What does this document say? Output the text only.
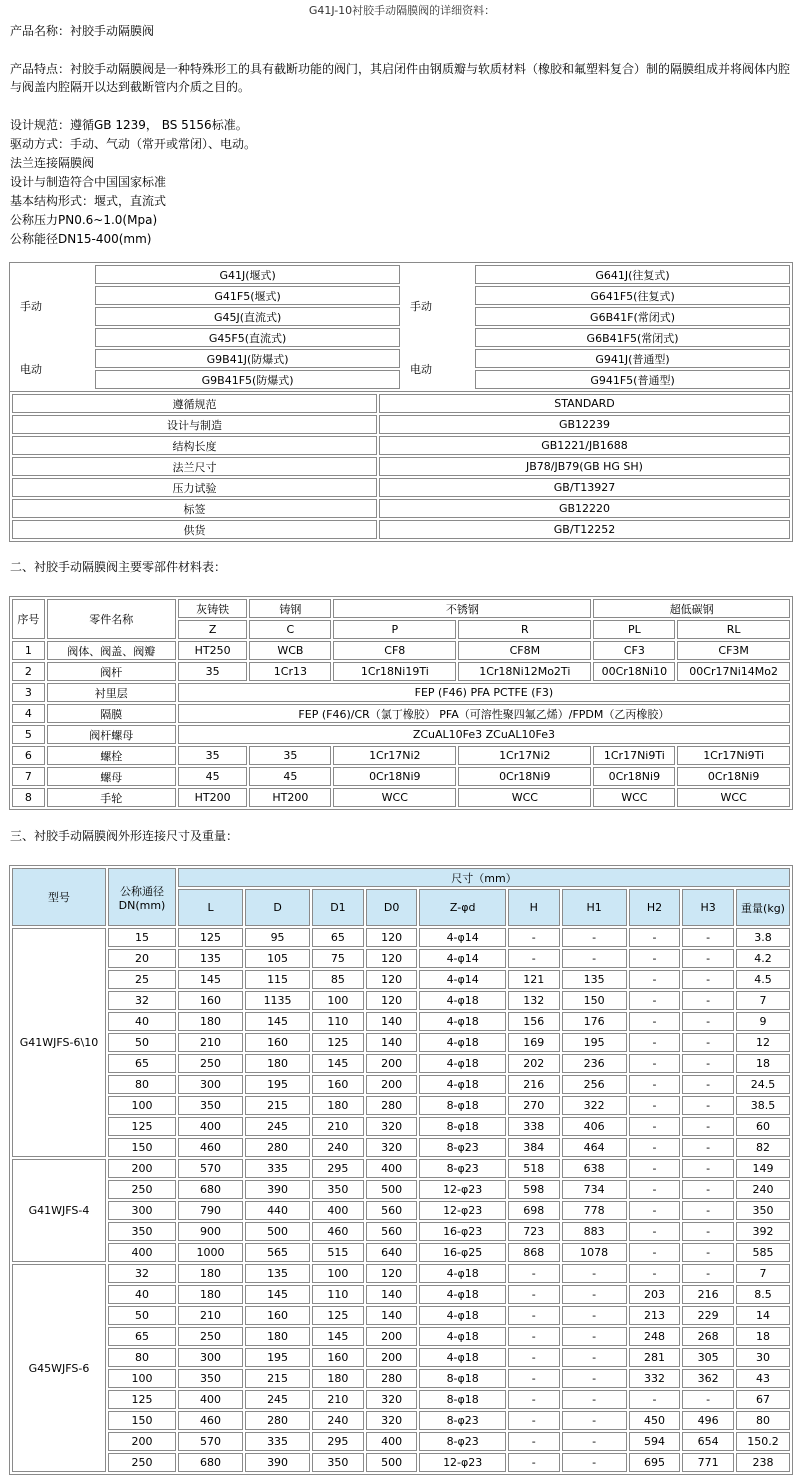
G41J-10衬胶手动隔膜阀的详细资料：
产品名称：衬胶手动隔膜阀
产品特点：衬胶手动隔膜阀是一种特殊形工的具有截断功能的阀门，其启闭件由钢质瓣与软质材料（橡胶和氟塑料复合）制的隔膜组成并将阀体内腔与阀盖内腔隔开以达到截断管内介质之目的。
设计规范：遵循GB 1239， BS 5156标准。
驱动方式：手动、气动（常开或常闭）、电动。
法兰连接隔膜阀
设计与制造符合中国国家标准
基本结构形式：堰式，直流式
公称压力PN0.6~1.0(Mpa)
公称能径DN15-400(mm)
手动	G41J(堰式)	手动	G641J(往复式)
	G41F5(堰式)		G641F5(往复式)
	G45J(直流式)		G6B41F(常闭式)
	G45F5(直流式)		G6B41F5(常闭式)
电动	G9B41J(防爆式)	电动	G941J(普通型)
	G9B41F5(防爆式)		G941F5(普通型)
遵循规范	STANDARD
设计与制造	GB12239
结构长度	GB1221/JB1688
法兰尺寸	JB78/JB79(GB HG SH)
压力试验	GB/T13927
标签	GB12220
供货	GB/T12252
二、衬胶手动隔膜阀主要零部件材料表：
序号	零件名称	灰铸铁	铸钢	不锈钢		超低碳钢	
		Z	C	P	R	PL	RL
1	阀体、阀盖、阀瓣	HT250	WCB	CF8	CF8M	CF3	CF3M
2	阀杆	35	1Cr13	1Cr18Ni19Ti	1Cr18Ni12Mo2Ti	00Cr18Ni10	00Cr17Ni14Mo2
3	衬里层	FEP (F46) PFA PCTFE (F3)					
4	隔膜	FEP (F46)/CR（氯丁橡胶） PFA（可溶性聚四氟乙烯）/FPDM（乙丙橡胶）					
5	阀杆螺母	ZCuAL10Fe3 ZCuAL10Fe3					
6	螺栓	35	35	1Cr17Ni2	1Cr17Ni2	1Cr17Ni9Ti	1Cr17Ni9Ti
7	螺母	45	45	0Cr18Ni9	0Cr18Ni9	0Cr18Ni9	0Cr18Ni9
8	手轮	HT200	HT200	WCC	WCC	WCC	WCC
三、衬胶手动隔膜阀外形连接尺寸及重量：
型号	公称通径DN(mm)	尺寸（mm）									
		L	D	D1	D0	Z-φd	H	H1	H2	H3	重量(kg)
G41WJFS-6\10	15	125	95	65	120	4-φ14	-	-	-	-	3.8
	20	135	105	75	120	4-φ14	-	-	-	-	4.2
	25	145	115	85	120	4-φ14	121	135	-	-	4.5
	32	160	1135	100	120	4-φ18	132	150	-	-	7
	40	180	145	110	140	4-φ18	156	176	-	-	9
	50	210	160	125	140	4-φ18	169	195	-	-	12
	65	250	180	145	200	4-φ18	202	236	-	-	18
	80	300	195	160	200	4-φ18	216	256	-	-	24.5
	100	350	215	180	280	8-φ18	270	322	-	-	38.5
	125	400	245	210	320	8-φ18	338	406	-	-	60
	150	460	280	240	320	8-φ23	384	464	-	-	82
G41WJFS-4	200	570	335	295	400	8-φ23	518	638	-	-	149
	250	680	390	350	500	12-φ23	598	734	-	-	240
	300	790	440	400	560	12-φ23	698	778	-	-	350
	350	900	500	460	560	16-φ23	723	883	-	-	392
	400	1000	565	515	640	16-φ25	868	1078	-	-	585
G45WJFS-6	32	180	135	100	120	4-φ18	-	-	-	-	7
	40	180	145	110	140	4-φ18	-	-	203	216	8.5
	50	210	160	125	140	4-φ18	-	-	213	229	14
	65	250	180	145	200	4-φ18	-	-	248	268	18
	80	300	195	160	200	4-φ18	-	-	281	305	30
	100	350	215	180	280	8-φ18	-	-	332	362	43
	125	400	245	210	320	8-φ18	-	-	-	-	67
	150	460	280	240	320	8-φ23	-	-	450	496	80
	200	570	335	295	400	8-φ23	-	-	594	654	150.2
	250	680	390	350	500	12-φ23	-	-	695	771	238
